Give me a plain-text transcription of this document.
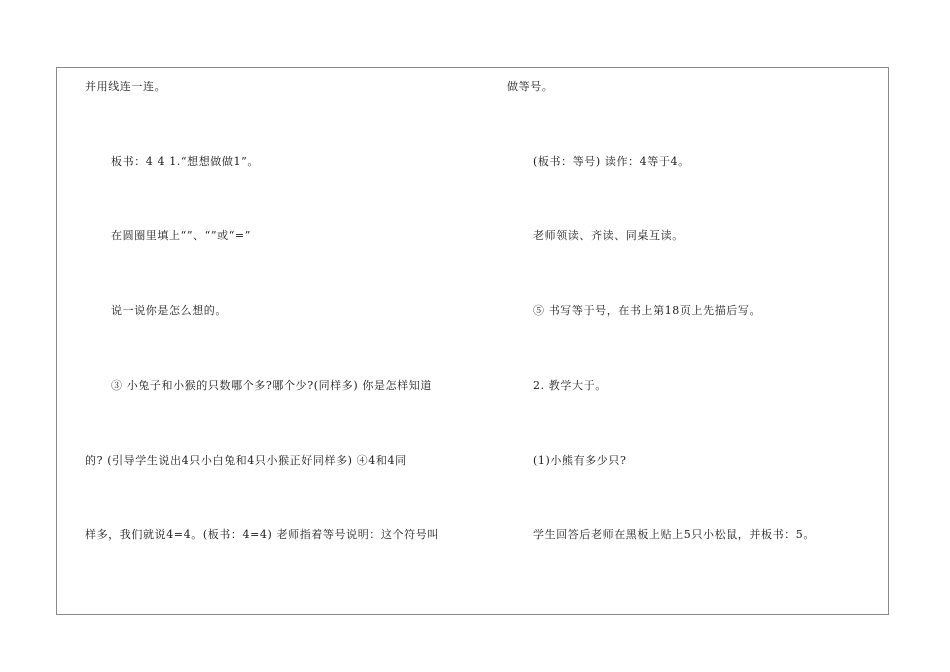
并用线连一连。
板书：4 4 1.“想想做做1”。
在圆圈里填上“”、“”或“=”
说一说你是怎么想的。
③ 小兔子和小猴的只数哪个多?哪个少?(同样多) 你是怎样知道
的? (引导学生说出4只小白兔和4只小猴正好同样多) ④4和4同
样多，我们就说4=4。(板书：4=4) 老师指着等号说明：这个符号叫
做等号。
(板书：等号) 读作：4等于4。
老师领读、齐读、同桌互读。
⑤ 书写等于号，在书上第18页上先描后写。
2. 教学大于。
(1)小熊有多少只?
学生回答后老师在黑板上贴上5只小松鼠，并板书：5。
